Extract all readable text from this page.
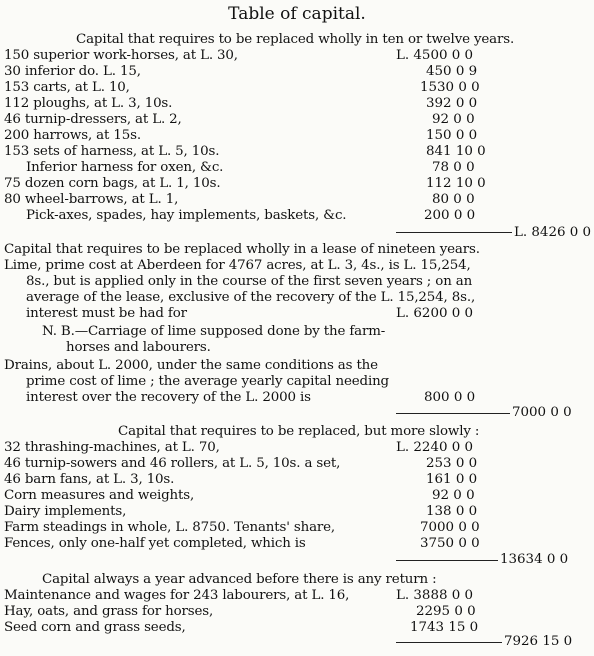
Table of capital.
Capital that requires to be replaced wholly in ten or twelve years.
150 superior work-horses, at L. 30,	L. 4500 0 0
30 inferior do. L. 15,	450 0 9
153 carts, at L. 10,	1530 0 0
112 ploughs, at L. 3, 10s.	392 0 0
46 turnip-dressers, at L. 2,	92 0 0
200 harrows, at 15s.	150 0 0
153 sets of harness, at L. 5, 10s.	841 10 0
Inferior harness for oxen, &c.	78 0 0
75 dozen corn bags, at L. 1, 10s.	112 10 0
80 wheel-barrows, at L. 1,	80 0 0
Pick-axes, spades, hay implements, baskets, &c.	200 0 0
L. 8426 0 0
Capital that requires to be replaced wholly in a lease of nineteen years.
Lime, prime cost at Aberdeen for 4767 acres, at L. 3, 4s., is L. 15,254,
8s., but is applied only in the course of the first seven years ; on an
average of the lease, exclusive of the recovery of the L. 15,254, 8s.,
interest must be had for	L. 6200 0 0
N. B.—Carriage of lime supposed done by the farm-
horses and labourers.
Drains, about L. 2000, under the same conditions as the
prime cost of lime ; the average yearly capital needing
interest over the recovery of the L. 2000 is	800 0 0
7000 0 0
Capital that requires to be replaced, but more slowly :
32 thrashing-machines, at L. 70,	L. 2240 0 0
46 turnip-sowers and 46 rollers, at L. 5, 10s. a set,	253 0 0
46 barn fans, at L. 3, 10s.	161 0 0
Corn measures and weights,	92 0 0
Dairy implements,	138 0 0
Farm steadings in whole, L. 8750. Tenants' share,	7000 0 0
Fences, only one-half yet completed, which is	3750 0 0
13634 0 0
Capital always a year advanced before there is any return :
Maintenance and wages for 243 labourers, at L. 16,	L. 3888 0 0
Hay, oats, and grass for horses,	2295 0 0
Seed corn and grass seeds,	1743 15 0
7926 15 0
